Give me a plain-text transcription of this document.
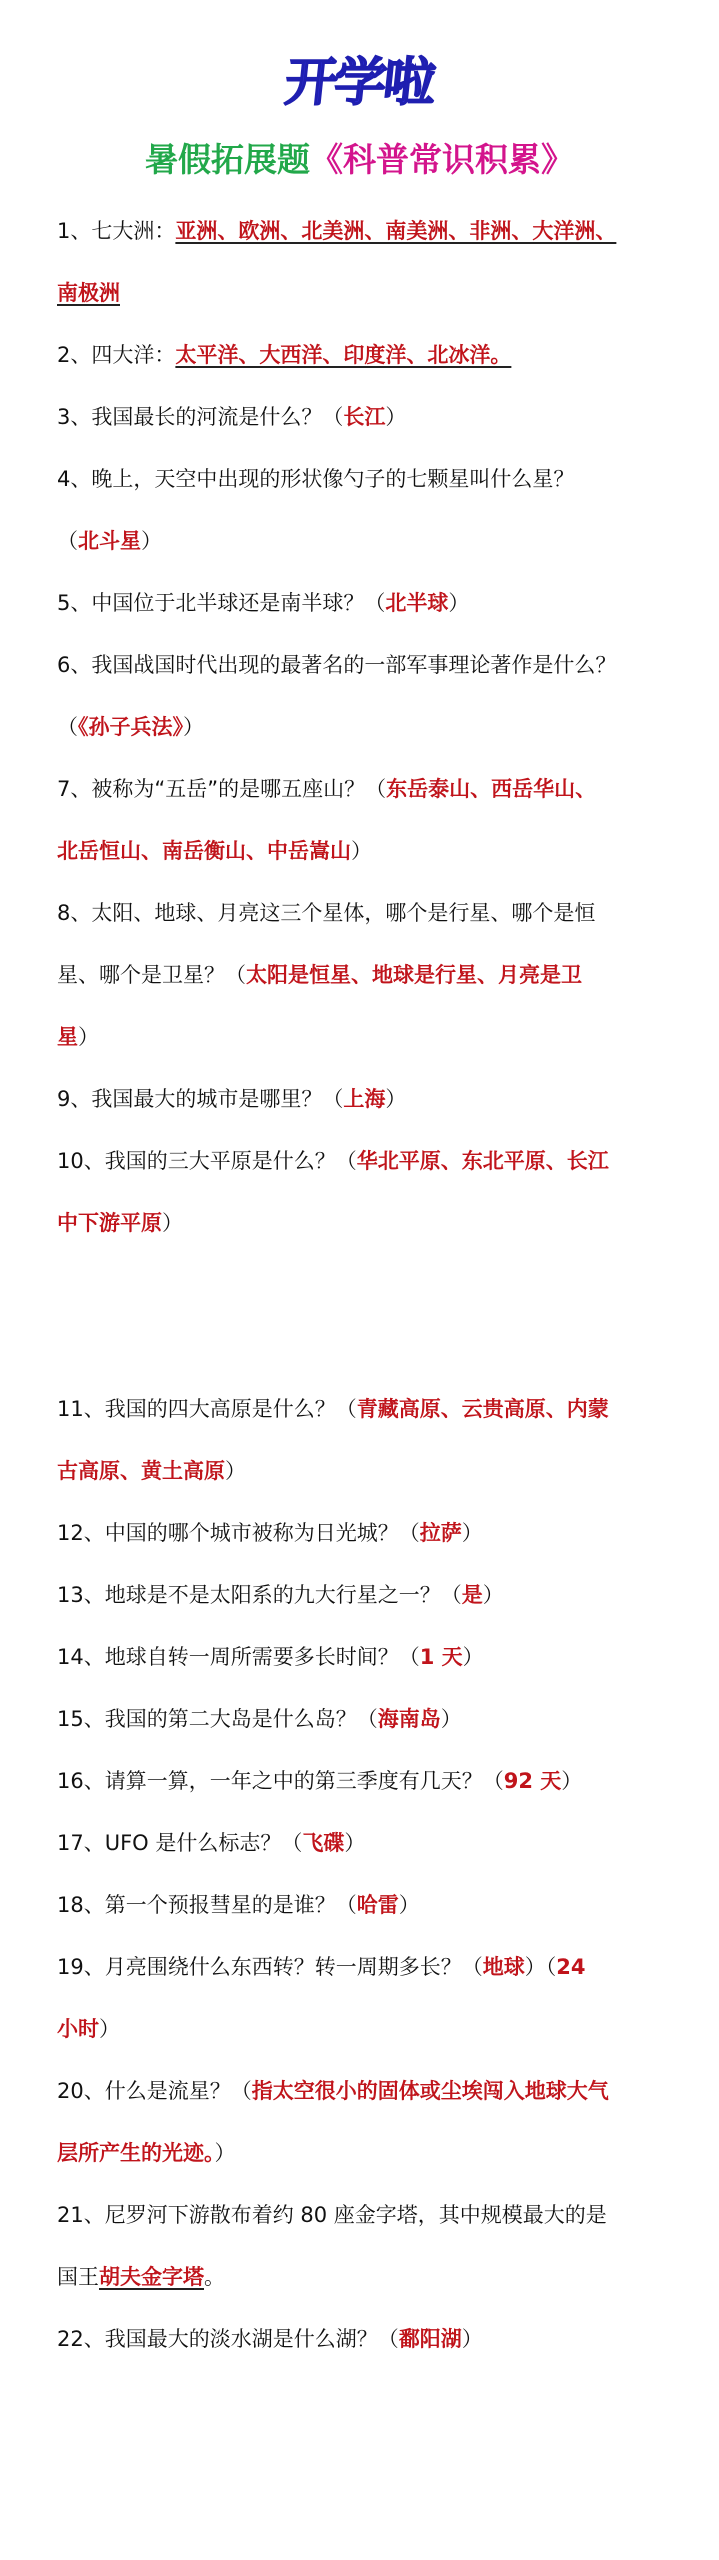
开学啦
暑假拓展题《科普常识积累》
1、七大洲：亚洲、欧洲、北美洲、南美洲、非洲、大洋洲、
南极洲
2、四大洋：太平洋、大西洋、印度洋、北冰洋。
3、我国最长的河流是什么？（长江）
4、晚上，天空中出现的形状像勺子的七颗星叫什么星？
（北斗星）
5、中国位于北半球还是南半球？（北半球）
6、我国战国时代出现的最著名的一部军事理论著作是什么？
（《孙子兵法》）
7、被称为“五岳”的是哪五座山？（东岳泰山、西岳华山、
北岳恒山、南岳衡山、中岳嵩山）
8、太阳、地球、月亮这三个星体，哪个是行星、哪个是恒
星、哪个是卫星？（太阳是恒星、地球是行星、月亮是卫
星）
9、我国最大的城市是哪里？（上海）
10、我国的三大平原是什么？（华北平原、东北平原、长江
中下游平原）
11、我国的四大高原是什么？（青藏高原、云贵高原、内蒙
古高原、黄土高原）
12、中国的哪个城市被称为日光城？（拉萨）
13、地球是不是太阳系的九大行星之一？（是）
14、地球自转一周所需要多长时间？（1 天）
15、我国的第二大岛是什么岛？（海南岛）
16、请算一算，一年之中的第三季度有几天？（92 天）
17、UFO 是什么标志？（飞碟）
18、第一个预报彗星的是谁？（哈雷）
19、月亮围绕什么东西转？转一周期多长？（地球）（24
小时）
20、什么是流星？（指太空很小的固体或尘埃闯入地球大气
层所产生的光迹。）
21、尼罗河下游散布着约 80 座金字塔，其中规模最大的是
国王胡夫金字塔。
22、我国最大的淡水湖是什么湖？（鄱阳湖）
